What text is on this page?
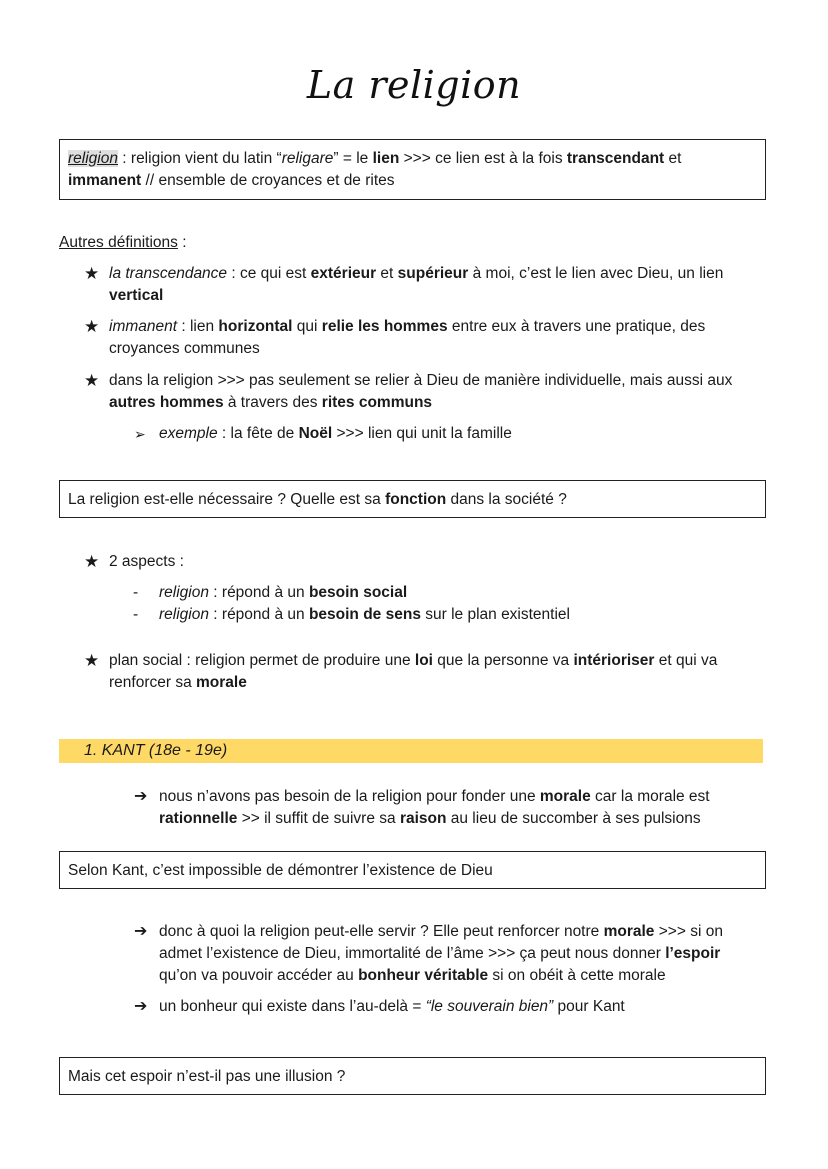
La religion
religion : religion vient du latin “religare” = le lien >>> ce lien est à la fois transcendant et
immanent // ensemble de croyances et de rites
Autres définitions :
★ la transcendance : ce qui est extérieur et supérieur à moi, c’est le lien avec Dieu, un lien
vertical
★ immanent : lien horizontal qui relie les hommes entre eux à travers une pratique, des
croyances communes
★ dans la religion >>> pas seulement se relier à Dieu de manière individuelle, mais aussi aux
autres hommes à travers des rites communs
➢ exemple : la fête de Noël >>> lien qui unit la famille
La religion est-elle nécessaire ? Quelle est sa fonction dans la société ?
★ 2 aspects :
- religion : répond à un besoin social
- religion : répond à un besoin de sens sur le plan existentiel
★ plan social : religion permet de produire une loi que la personne va intérioriser et qui va
renforcer sa morale
1. KANT (18e - 19e)
➔ nous n’avons pas besoin de la religion pour fonder une morale car la morale est
rationnelle >> il suffit de suivre sa raison au lieu de succomber à ses pulsions
Selon Kant, c’est impossible de démontrer l’existence de Dieu
➔ donc à quoi la religion peut-elle servir ? Elle peut renforcer notre morale >>> si on
admet l’existence de Dieu, immortalité de l’âme >>> ça peut nous donner l’espoir
qu’on va pouvoir accéder au bonheur véritable si on obéit à cette morale
➔ un bonheur qui existe dans l’au-delà = “le souverain bien” pour Kant
Mais cet espoir n’est-il pas une illusion ?
